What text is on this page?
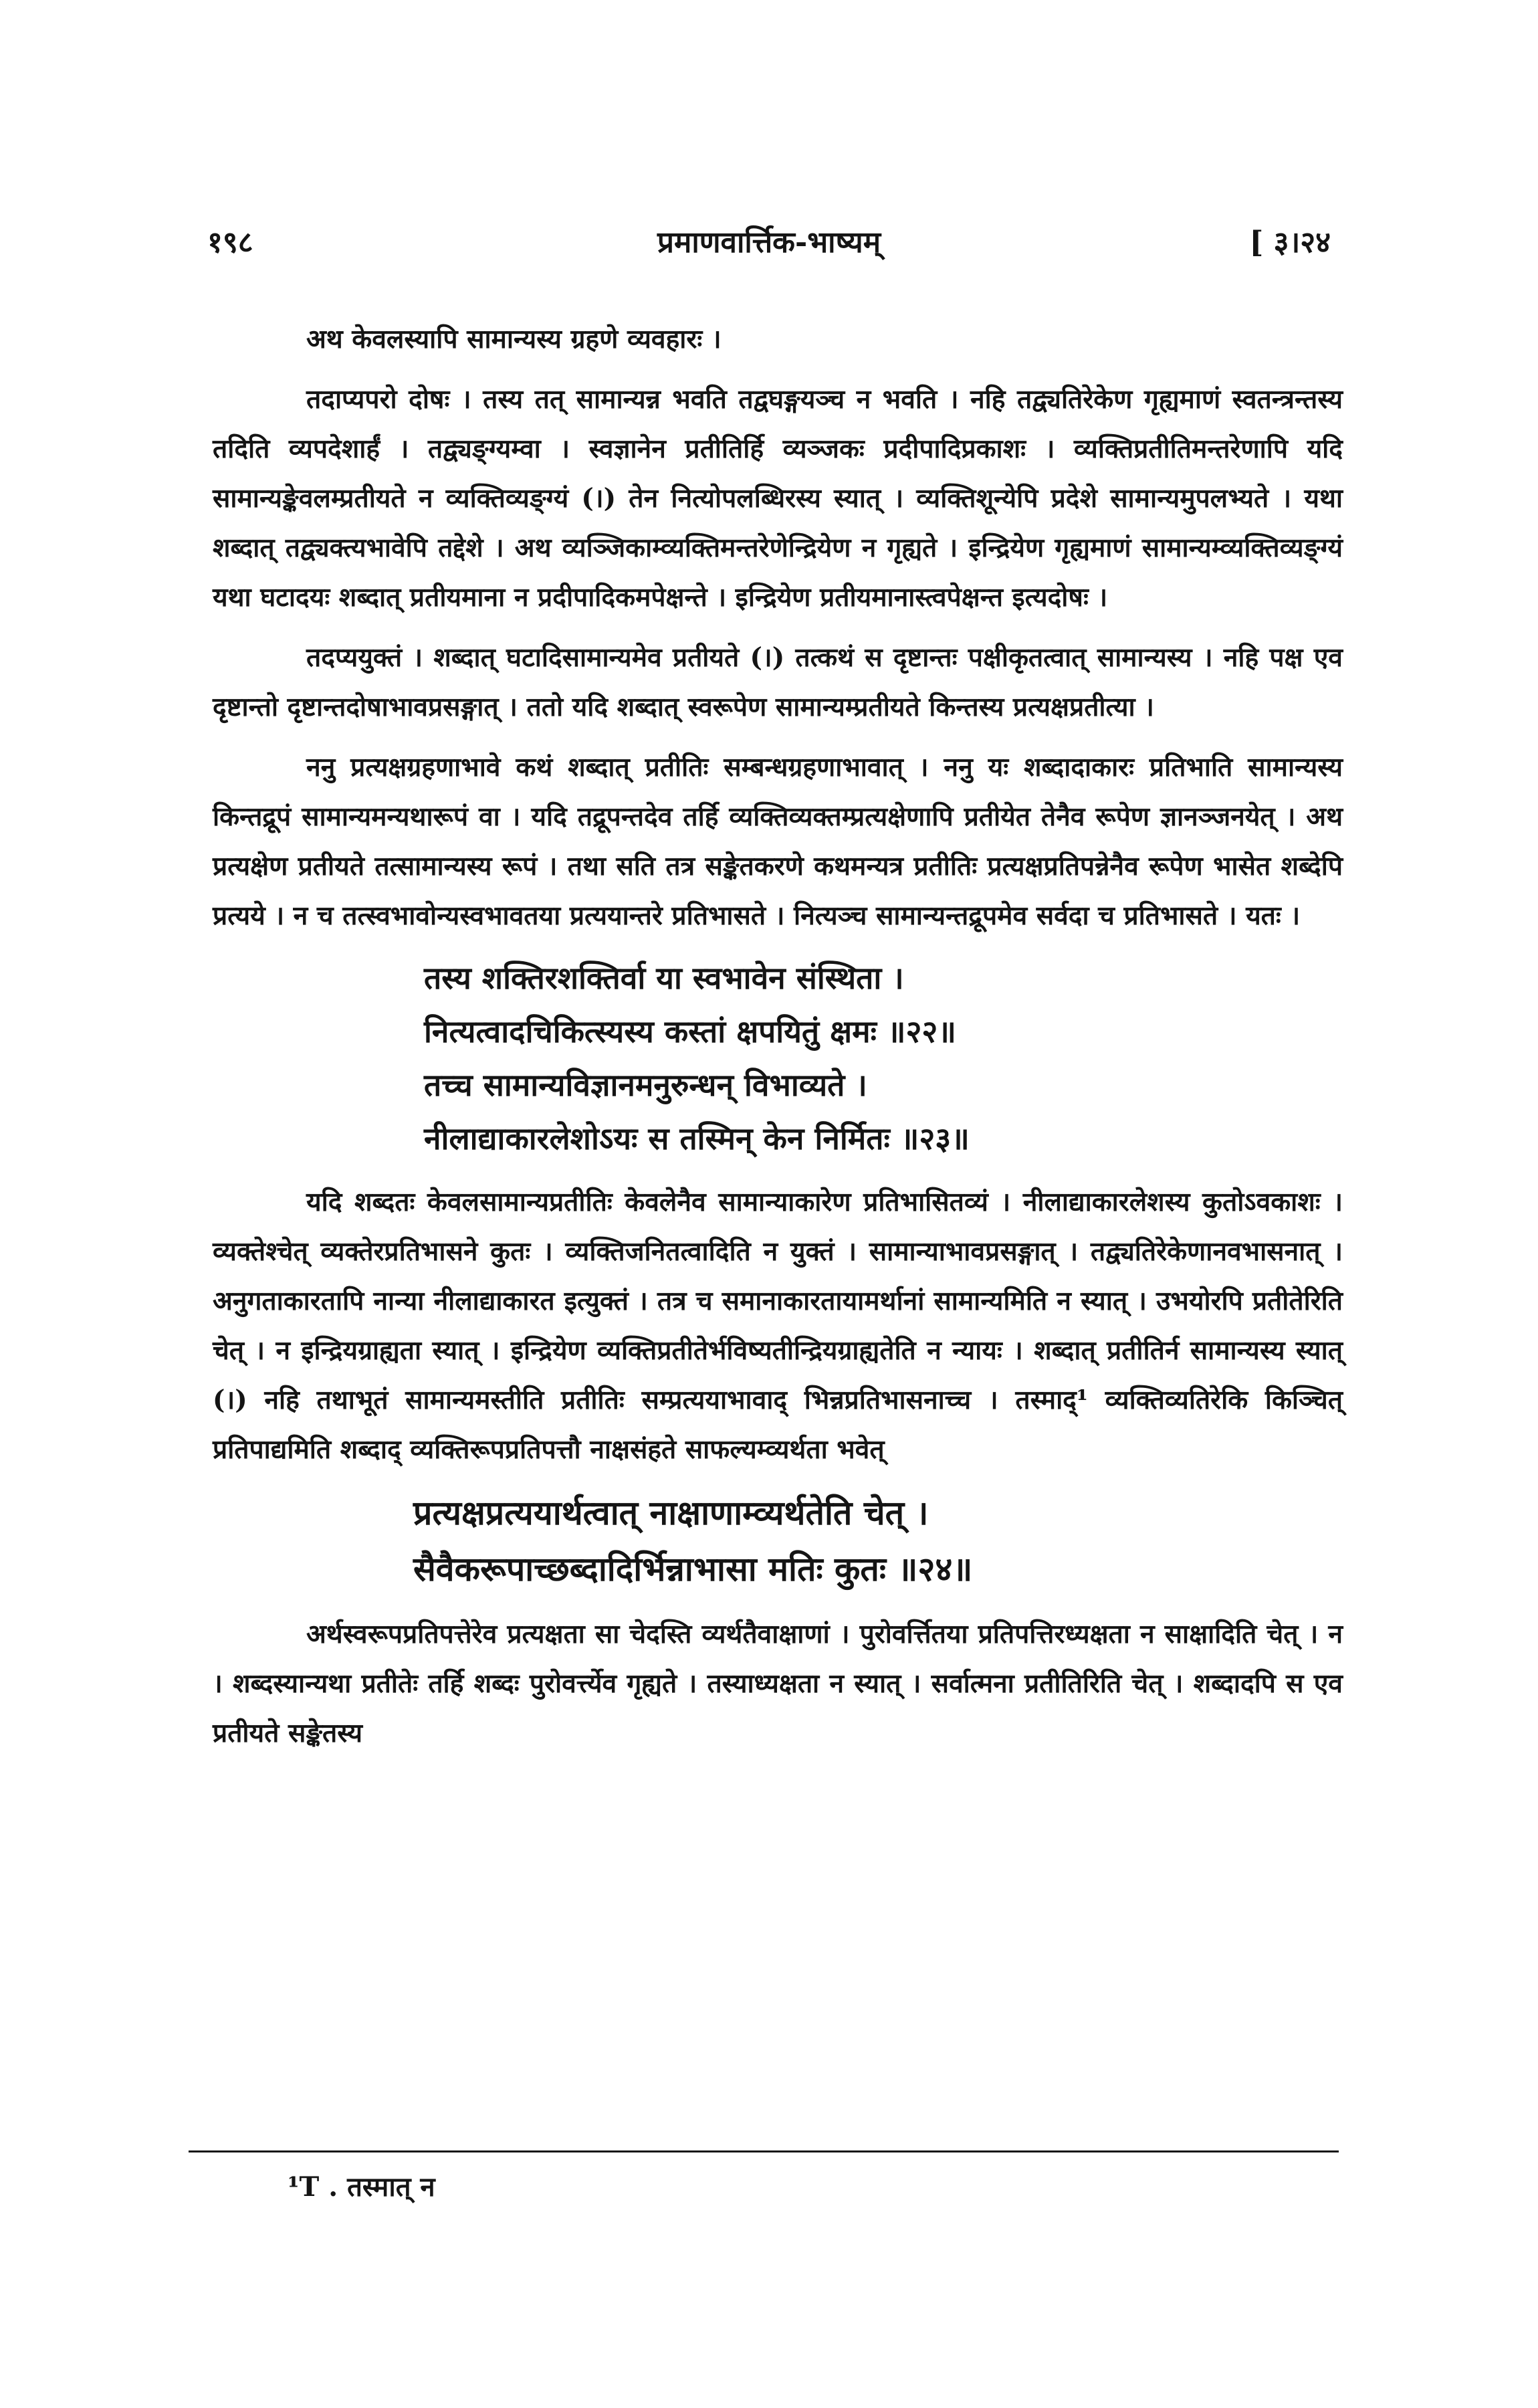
१९८	प्रमाणवार्त्तिक-भाष्यम्	[ ३।२४

अथ केवलस्यापि सामान्यस्य ग्रहणे व्यवहारः ।

तदाप्यपरो दोषः । तस्य तत् सामान्यन्न भवति तद्वघङ्गयञ्च न भवति । नहि तद्व्यतिरेकेण गृह्यमाणं स्वतन्त्रन्तस्य तदिति व्यपदेशार्हं । तद्व्यङ्ग्यम्वा । स्वज्ञानेन प्रतीतिर्हि व्यञ्जकः प्रदीपादिप्रकाशः । व्यक्तिप्रतीतिमन्तरेणापि यदि सामान्यङ्केवलम्प्रतीयते न व्यक्तिव्यङ्ग्यं (।) तेन नित्योपलब्धिरस्य स्यात् । व्यक्तिशून्येपि प्रदेशे सामान्यमुपलभ्यते । यथा शब्दात् तद्व्यक्त्यभावेपि तद्देशे । अथ व्यञ्जिकाम्व्यक्तिमन्तरेणेन्द्रियेण न गृह्यते । इन्द्रियेण गृह्यमाणं सामान्यम्व्यक्तिव्यङ्ग्यं यथा घटादयः शब्दात् प्रतीयमाना न प्रदीपादिकमपेक्षन्ते । इन्द्रियेण प्रतीयमानास्त्वपेक्षन्त इत्यदोषः ।

तदप्ययुक्तं । शब्दात् घटादिसामान्यमेव प्रतीयते (।) तत्कथं स दृष्टान्तः पक्षीकृतत्वात् सामान्यस्य । नहि पक्ष एव दृष्टान्तो दृष्टान्तदोषाभावप्रसङ्गात् । ततो यदि शब्दात् स्वरूपेण सामान्यम्प्रतीयते किन्तस्य प्रत्यक्षप्रतीत्या ।

ननु प्रत्यक्षग्रहणाभावे कथं शब्दात् प्रतीतिः सम्बन्धग्रहणाभावात् । ननु यः शब्दादाकारः प्रतिभाति सामान्यस्य किन्तद्रूपं सामान्यमन्यथारूपं वा । यदि तद्रूपन्तदेव तर्हि व्यक्तिव्यक्तम्प्रत्यक्षेणापि प्रतीयेत तेनैव रूपेण ज्ञानञ्जनयेत् । अथ प्रत्यक्षेण प्रतीयते तत्सामान्यस्य रूपं । तथा सति तत्र सङ्केतकरणे कथमन्यत्र प्रतीतिः प्रत्यक्षप्रतिपन्नेनैव रूपेण भासेत शब्देपि प्रत्यये । न च तत्स्वभावोन्यस्वभावतया प्रत्ययान्तरे प्रतिभासते । नित्यञ्च सामान्यन्तद्रूपमेव सर्वदा च प्रतिभासते । यतः ।

तस्य शक्तिरशक्तिर्वा या स्वभावेन संस्थिता ।
नित्यत्वादचिकित्स्यस्य कस्तां क्षपयितुं क्षमः ॥२२॥
तच्च सामान्यविज्ञानमनुरुन्धन् विभाव्यते ।
नीलाद्याकारलेशोऽयः स तस्मिन् केन निर्मितः ॥२३॥

यदि शब्दतः केवलसामान्यप्रतीतिः केवलेनैव सामान्याकारेण प्रतिभासितव्यं । नीलाद्याकारलेशस्य कुतोऽवकाशः । व्यक्तेश्चेत् व्यक्तेरप्रतिभासने कुतः । व्यक्तिजनितत्वादिति न युक्तं । सामान्याभावप्रसङ्गात् । तद्व्यतिरेकेणानवभासनात् । अनुगताकारतापि नान्या नीलाद्याकारत इत्युक्तं । तत्र च समानाकारतायामर्थानां सामान्यमिति न स्यात् । उभयोरपि प्रतीतेरिति चेत् । न इन्द्रियग्राह्यता स्यात् । इन्द्रियेण व्यक्तिप्रतीतेर्भविष्यतीन्द्रियग्राह्यतेति न न्यायः । शब्दात् प्रतीतिर्न सामान्यस्य स्यात् (।) नहि तथाभूतं सामान्यमस्तीति प्रतीतिः सम्प्रत्ययाभावाद् भिन्नप्रतिभासनाच्च । तस्माद्¹ व्यक्तिव्यतिरेकि किञ्चित् प्रतिपाद्यमिति शब्दाद् व्यक्तिरूपप्रतिपत्तौ नाक्षसंहते साफल्यम्व्यर्थता भवेत्

प्रत्यक्षप्रत्ययार्थत्वात् नाक्षाणाम्व्यर्थतेति चेत् ।
सैवैकरूपाच्छब्दादिर्भिन्नाभासा मतिः कुतः ॥२४॥

अर्थस्वरूपप्रतिपत्तेरेव प्रत्यक्षता सा चेदस्ति व्यर्थतैवाक्षाणां । पुरोवर्त्तितया प्रतिपत्तिरध्यक्षता न साक्षादिति चेत् । न । शब्दस्यान्यथा प्रतीतेः तर्हि शब्दः पुरोवर्त्त्येव गृह्यते । तस्याध्यक्षता न स्यात् । सर्वात्मना प्रतीतिरिति चेत् । शब्दादपि स एव प्रतीयते सङ्केतस्य

¹T . तस्मात् न
